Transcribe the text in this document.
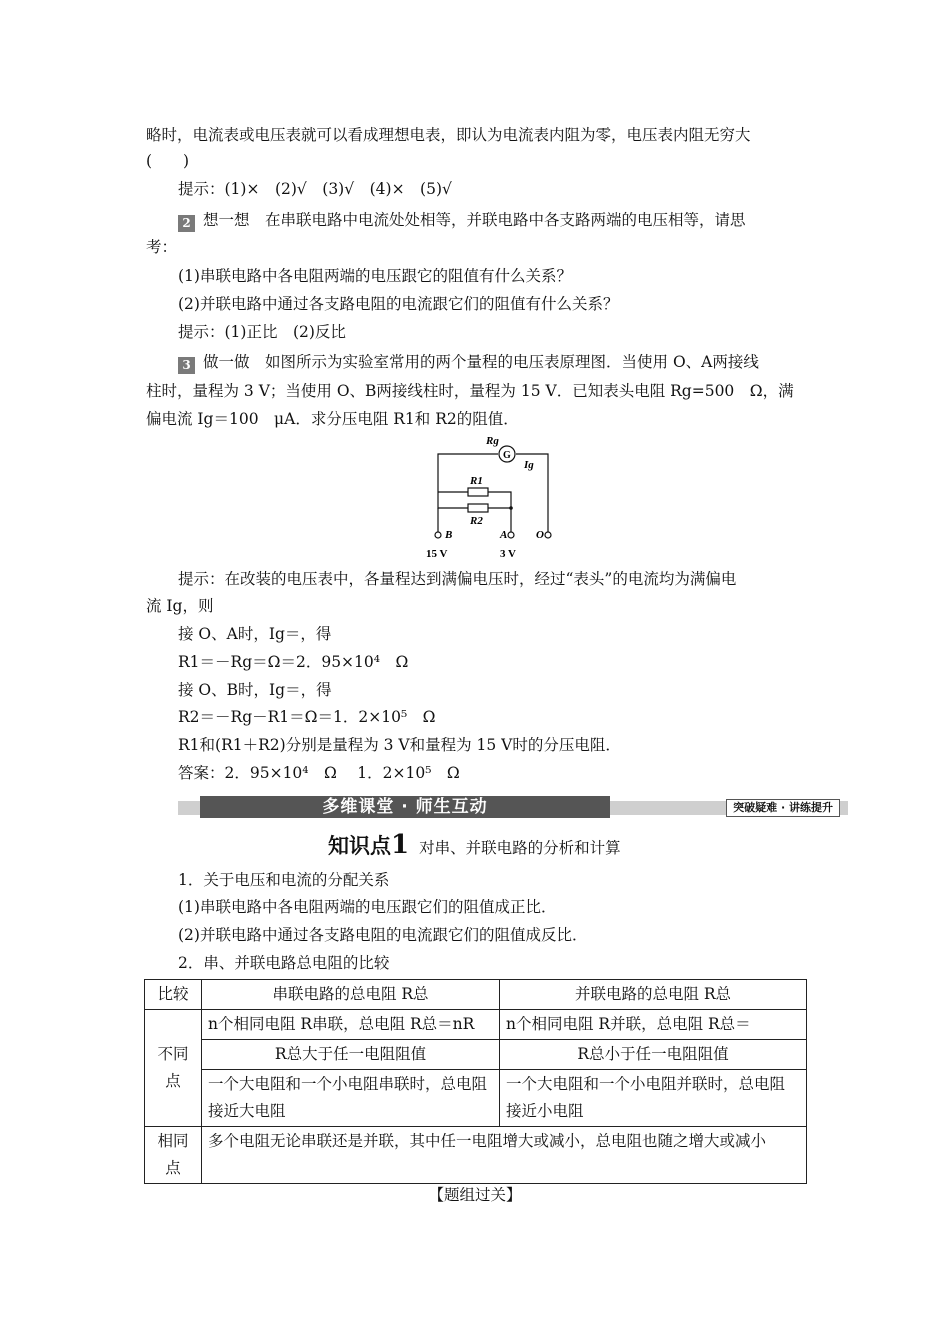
略时，电流表或电压表就可以看成理想电表，即认为电流表内阻为零，电压表内阻无穷大
(　　)
提示：(1)×　(2)√　(3)√　(4)×　(5)√
2 想一想　在串联电路中电流处处相等，并联电路中各支路两端的电压相等，请思
考：
(1)串联电路中各电阻两端的电压跟它的阻值有什么关系？
(2)并联电路中通过各支路电阻的电流跟它们的阻值有什么关系？
提示：(1)正比　(2)反比
3 做一做　如图所示为实验室常用的两个量程的电压表原理图．当使用 O、A两接线
柱时，量程为 3 V；当使用 O、B两接线柱时，量程为 15 V．已知表头电阻 Rg=500　Ω，满
偏电流 Ig＝100　μA．求分压电阻 R1和 R2的阻值．
G
Rg
Ig
R1
R2
B	A	O
15 V	3 V
提示：在改装的电压表中，各量程达到满偏电压时，经过“表头”的电流均为满偏电
流 Ig，则
接 O、A时，Ig＝，得
R1＝－Rg＝Ω＝2．95×10⁴　Ω
接 O、B时，Ig＝，得
R2＝－Rg－R1＝Ω＝1．2×10⁵　Ω
R1和(R1＋R2)分别是量程为 3 V和量程为 15 V时的分压电阻．
答案：2．95×10⁴　Ω　 1．2×10⁵　Ω
多维课堂 · 师生互动	突破疑难 · 讲练提升
知识点1 对串、并联电路的分析和计算
1．关于电压和电流的分配关系
(1)串联电路中各电阻两端的电压跟它们的阻值成正比．
(2)并联电路中通过各支路电阻的电流跟它们的阻值成反比．
2．串、并联电路总电阻的比较
比较	串联电路的总电阻 R总	并联电路的总电阻 R总
不同点	n个相同电阻 R串联，总电阻 R总＝nR	n个相同电阻 R并联，总电阻 R总＝
	R总大于任一电阻阻值	R总小于任一电阻阻值
	一个大电阻和一个小电阻串联时，总电阻接近大电阻	一个大电阻和一个小电阻并联时，总电阻接近小电阻
相同点	多个电阻无论串联还是并联，其中任一电阻增大或减小，总电阻也随之增大或减小	
【题组过关】
